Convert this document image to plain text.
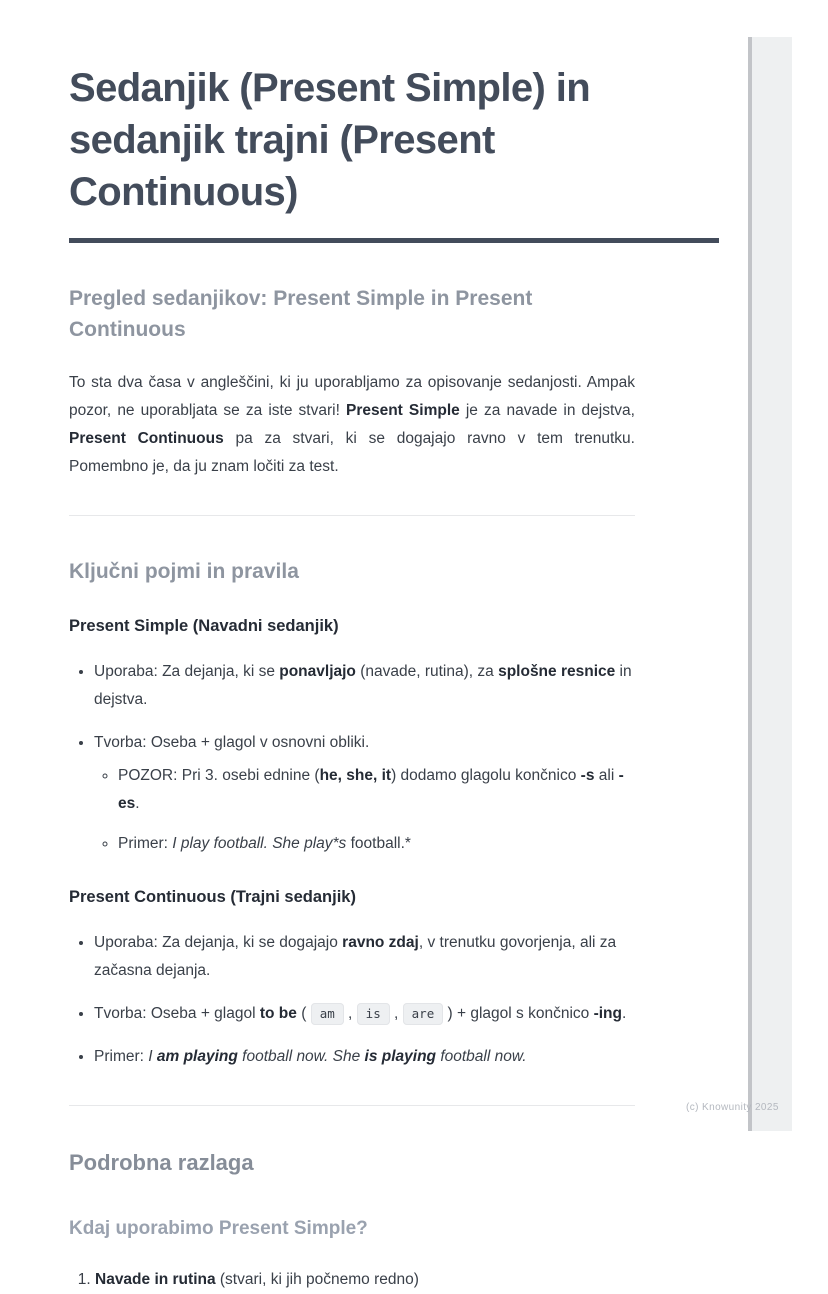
Sedanjik (Present Simple) in sedanjik trajni (Present Continuous)
Pregled sedanjikov: Present Simple in Present Continuous

To sta dva časa v angleščini, ki ju uporabljamo za opisovanje sedanjosti. Ampak pozor, ne uporabljata se za iste stvari! Present Simple je za navade in dejstva, Present Continuous pa za stvari, ki se dogajajo ravno v tem trenutku. Pomembno je, da ju znam ločiti za test.

Ključni pojmi in pravila

Present Simple (Navadni sedanjik)

• Uporaba: Za dejanja, ki se ponavljajo (navade, rutina), za splošne resnice in dejstva.
• Tvorba: Oseba + glagol v osnovni obliki.
◦ POZOR: Pri 3. osebi ednine (he, she, it) dodamo glagolu končnico -s ali -es.
◦ Primer: I play football. She play*s football.*

Present Continuous (Trajni sedanjik)

• Uporaba: Za dejanja, ki se dogajajo ravno zdaj, v trenutku govorjenja, ali za začasna dejanja.
• Tvorba: Oseba + glagol to be ( am , is , are ) + glagol s končnico -ing.
• Primer: I am playing football now. She is playing football now.
Podrobna razlaga
Kdaj uporabimo Present Simple?
1. Navade in rutina (stvari, ki jih počnemo redno)
(c) Knowunity 2025
